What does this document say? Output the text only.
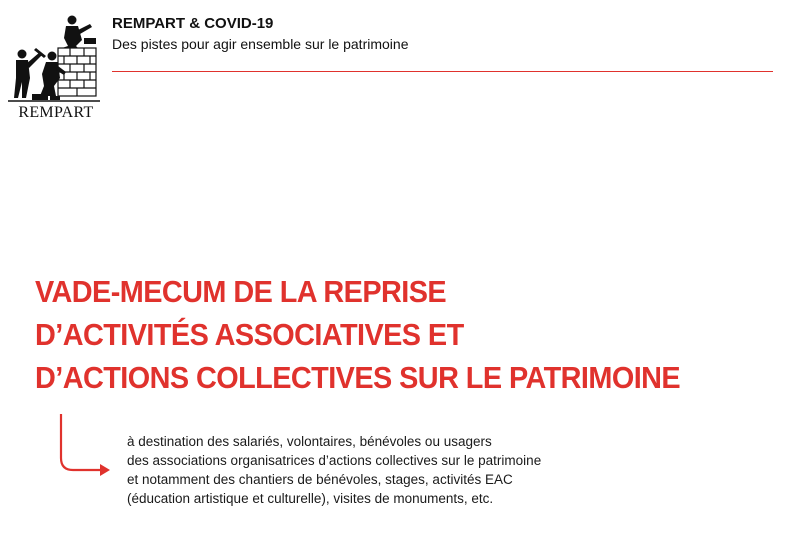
REMPART
REMPART & COVID-19
Des pistes pour agir ensemble sur le patrimoine
VADE-MECUM DE LA REPRISE
D’ACTIVITÉS ASSOCIATIVES ET
D’ACTIONS COLLECTIVES SUR LE PATRIMOINE
à destination des salariés, volontaires, bénévoles ou usagers
des associations organisatrices d’actions collectives sur le patrimoine
et notamment des chantiers de bénévoles, stages, activités EAC
(éducation artistique et culturelle), visites de monuments, etc.
